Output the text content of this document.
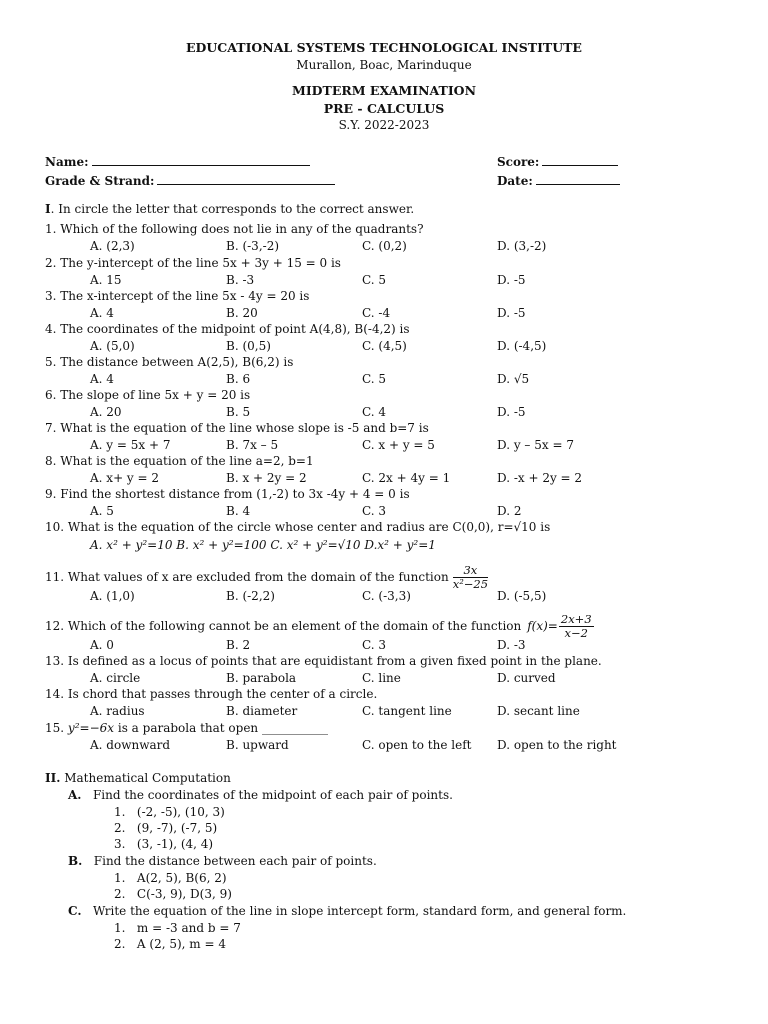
EDUCATIONAL SYSTEMS TECHNOLOGICAL INSTITUTE
Murallon, Boac, Marinduque
MIDTERM EXAMINATION
PRE - CALCULUS
S.Y. 2022-2023
Name:	Score:
Grade & Strand:	Date:
I. In circle the letter that corresponds to the correct answer.
1. Which of the following does not lie in any of the quadrants?
A. (2,3)	B. (-3,-2)	C. (0,2)	D. (3,-2)
2. The y-intercept of the line 5x + 3y + 15 = 0 is
A. 15	B. -3	C. 5	D. -5
3. The x-intercept of the line 5x - 4y = 20 is
A. 4	B. 20	C. -4	D. -5
4. The coordinates of the midpoint of point A(4,8), B(-4,2) is
A. (5,0)	B. (0,5)	C. (4,5)	D. (-4,5)
5. The distance between A(2,5), B(6,2) is
A. 4	B. 6	C. 5	D. √5
6. The slope of line 5x + y = 20 is
A. 20	B. 5	C. 4	D. -5
7. What is the equation of the line whose slope is -5 and b=7 is
A. y = 5x + 7	B. 7x – 5	C. x + y = 5	D. y – 5x = 7
8. What is the equation of the line a=2, b=1
A. x+ y = 2	B. x + 2y = 2	C. 2x + 4y = 1	D. -x + 2y = 2
9. Find the shortest distance from (1,-2) to 3x -4y + 4 = 0 is
A. 5	B. 4	C. 3	D. 2
10. What is the equation of the circle whose center and radius are C(0,0), r=√10 is
A. x² + y²=10 B. x² + y²=100 C. x² + y²=√10 D.x² + y²=1
11. What values of x are excluded from the domain of the function $\frac{3x}{\text{x²−25}}$
A. (1,0)	B. (-2,2)	C. (-3,3)	D. (-5,5)
12. Which of the following cannot be an element of the domain of the function $f(x)= \frac{2x+3}{x-2}$
A. 0	B. 2	C. 3	D. -3
13. Is defined as a locus of points that are equidistant from a given fixed point in the plane.
A. circle	B. parabola	C. line	D. curved
14. Is chord that passes through the center of a circle.
A. radius	B. diameter	C. tangent line	D. secant line
15. y²=−6x is a parabola that open ___________
A. downward	B. upward	C. open to the left D. open to the right
II. Mathematical Computation
A. Find the coordinates of the midpoint of each pair of points.
1. (-2, -5), (10, 3)
2. (9, -7), (-7, 5)
3. (3, -1), (4, 4)
B. Find the distance between each pair of points.
1. A(2, 5), B(6, 2)
2. C(-3, 9), D(3, 9)
C. Write the equation of the line in slope intercept form, standard form, and general form.
1. m = -3 and b = 7
2. A (2, 5), m = 4
